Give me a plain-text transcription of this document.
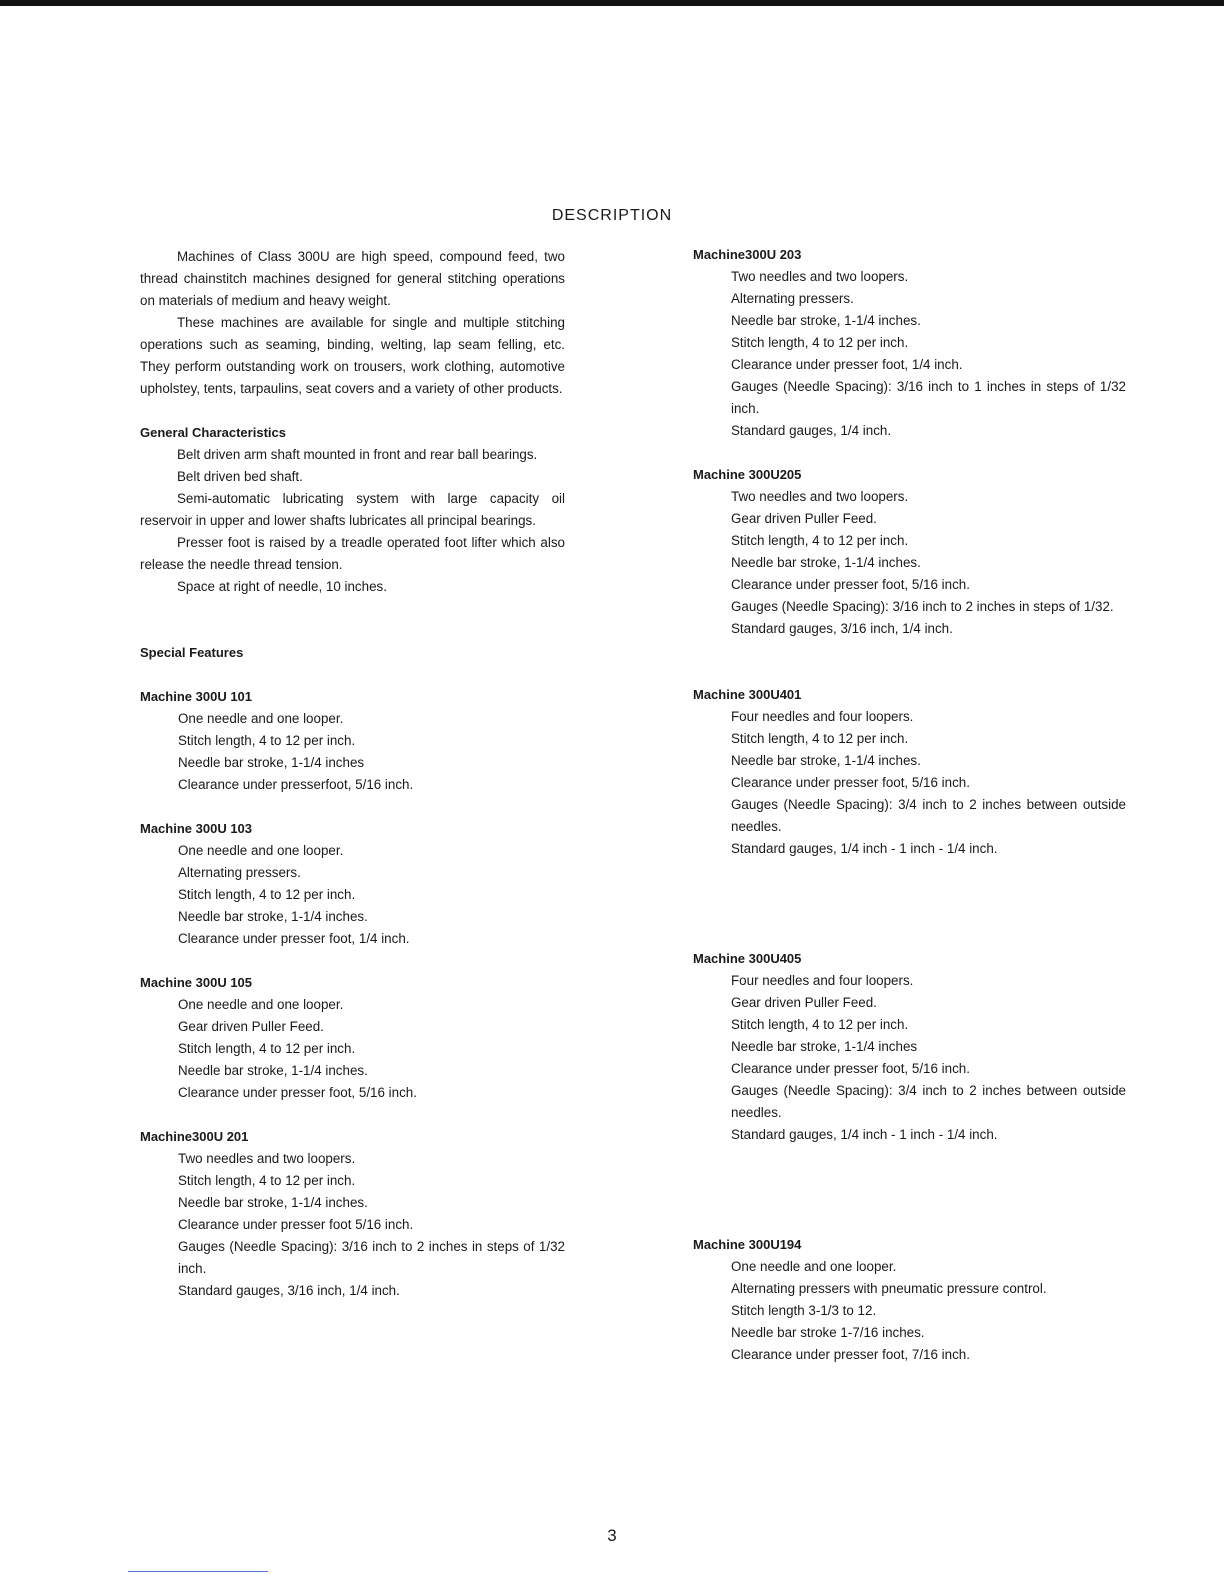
DESCRIPTION

Machines of Class 300U are high speed, compound feed, two thread chainstitch machines designed for general stitching operations on materials of medium and heavy weight.

These machines are available for single and multiple stitching operations such as seaming, binding, welting, lap seam felling, etc. They perform outstanding work on trousers, work clothing, automotive upholstey, tents, tarpaulins, seat covers and a variety of other products.

General Characteristics

Belt driven arm shaft mounted in front and rear ball bearings.

Belt driven bed shaft.

Semi-automatic lubricating system with large capacity oil reservoir in upper and lower shafts lubricates all principal bearings.

Presser foot is raised by a treadle operated foot lifter which also release the needle thread tension.

Space at right of needle, 10 inches.

Special Features

Machine 300U 101

One needle and one looper.

Stitch length, 4 to 12 per inch.

Needle bar stroke, 1-1/4 inches

Clearance under presserfoot, 5/16 inch.

Machine 300U 103

One needle and one looper.

Alternating pressers.

Stitch length, 4 to 12 per inch.

Needle bar stroke, 1-1/4 inches.

Clearance under presser foot, 1/4 inch.

Machine 300U 105

One needle and one looper.

Gear driven Puller Feed.

Stitch length, 4 to 12 per inch.

Needle bar stroke, 1-1/4 inches.

Clearance under presser foot, 5/16 inch.

Machine300U 201

Two needles and two loopers.

Stitch length, 4 to 12 per inch.

Needle bar stroke, 1-1/4 inches.

Clearance under presser foot 5/16 inch.

Gauges (Needle Spacing): 3/16 inch to 2 inches in steps of 1/32 inch.

Standard gauges, 3/16 inch, 1/4 inch.

Machine300U 203

Two needles and two loopers.

Alternating pressers.

Needle bar stroke, 1-1/4 inches.

Stitch length, 4 to 12 per inch.

Clearance under presser foot, 1/4 inch.

Gauges (Needle Spacing): 3/16 inch to 1 inches in steps of 1/32 inch.

Standard gauges, 1/4 inch.

Machine 300U205

Two needles and two loopers.

Gear driven Puller Feed.

Stitch length, 4 to 12 per inch.

Needle bar stroke, 1-1/4 inches.

Clearance under presser foot, 5/16 inch.

Gauges (Needle Spacing): 3/16 inch to 2 inches in steps of 1/32.

Standard gauges, 3/16 inch, 1/4 inch.

Machine 300U401

Four needles and four loopers.

Stitch length, 4 to 12 per inch.

Needle bar stroke, 1-1/4 inches.

Clearance under presser foot, 5/16 inch.

Gauges (Needle Spacing): 3/4 inch to 2 inches between outside needles.

Standard gauges, 1/4 inch - 1 inch - 1/4 inch.

Machine 300U405

Four needles and four loopers.

Gear driven Puller Feed.

Stitch length, 4 to 12 per inch.

Needle bar stroke, 1-1/4 inches

Clearance under presser foot, 5/16 inch.

Gauges (Needle Spacing): 3/4 inch to 2 inches between outside needles.

Standard gauges, 1/4 inch - 1 inch - 1/4 inch.

Machine 300U194

One needle and one looper.

Alternating pressers with pneumatic pressure control.

Stitch length 3-1/3 to 12.

Needle bar stroke 1-7/16 inches.

Clearance under presser foot, 7/16 inch.

3
